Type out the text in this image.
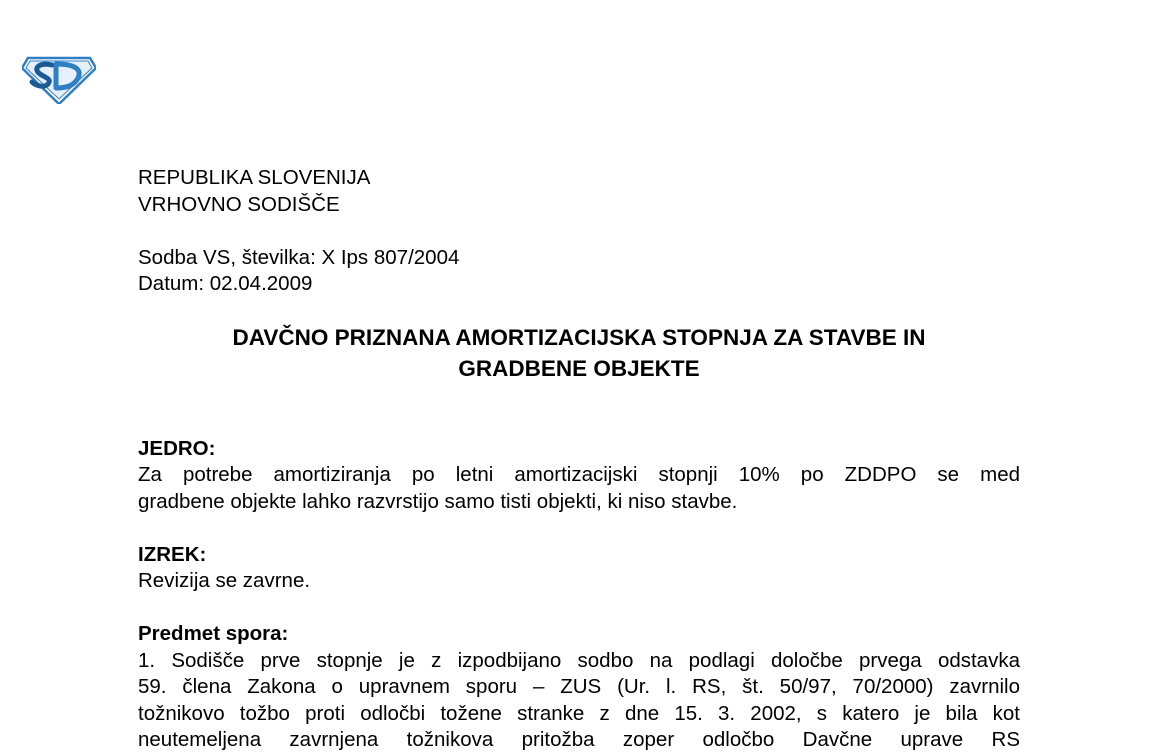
REPUBLIKA SLOVENIJA
VRHOVNO SODIŠČE
Sodba VS, številka: X Ips 807/2004
Datum: 02.04.2009
DAVČNO PRIZNANA AMORTIZACIJSKA STOPNJA ZA STAVBE IN
GRADBENE OBJEKTE
JEDRO:
Za potrebe amortiziranja po letni amortizacijski stopnji 10% po ZDDPO se med
gradbene objekte lahko razvrstijo samo tisti objekti, ki niso stavbe.
IZREK:
Revizija se zavrne.
Predmet spora:
1. Sodišče prve stopnje je z izpodbijano sodbo na podlagi določbe prvega odstavka
59. člena Zakona o upravnem sporu – ZUS (Ur. l. RS, št. 50/97, 70/2000) zavrnilo
tožnikovo tožbo proti odločbi tožene stranke z dne 15. 3. 2002, s katero je bila kot
neutemeljena zavrnjena tožnikova pritožba zoper odločbo Davčne uprave RS
